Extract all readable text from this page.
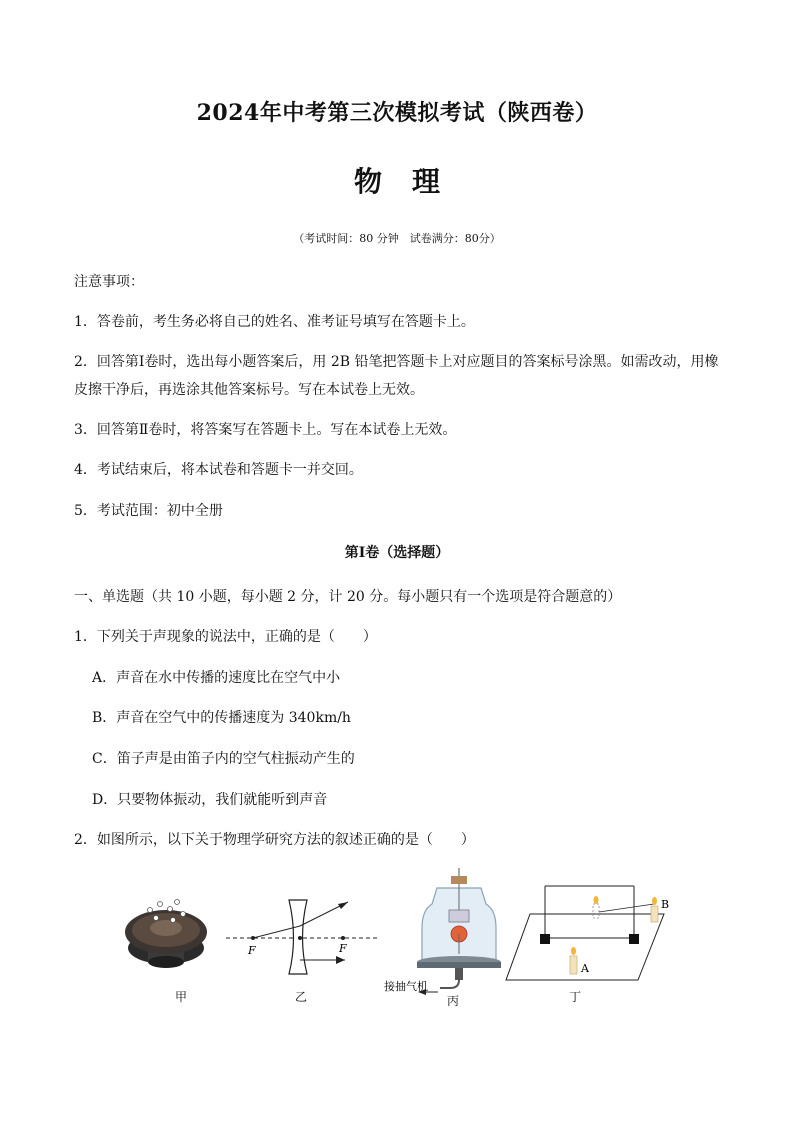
2024年中考第三次模拟考试（陕西卷）
物理
（考试时间：80 分钟　试卷满分：80分）
注意事项：
1．答卷前，考生务必将自己的姓名、准考证号填写在答题卡上。
2．回答第Ⅰ卷时，选出每小题答案后，用 2B 铅笔把答题卡上对应题目的答案标号涂黑。如需改动，用橡
皮擦干净后，再选涂其他答案标号。写在本试卷上无效。
3．回答第Ⅱ卷时，将答案写在答题卡上。写在本试卷上无效。
4．考试结束后，将本试卷和答题卡一并交回。
5．考试范围：初中全册
第Ⅰ卷（选择题）
一、单选题（共 10 小题，每小题 2 分，计 20 分。每小题只有一个选项是符合题意的）
1．下列关于声现象的说法中，正确的是（　　）
A．声音在水中传播的速度比在空气中小
B．声音在空气中的传播速度为 340km/h
C．笛子声是由笛子内的空气柱振动产生的
D．只要物体振动，我们就能听到声音
2．如图所示，以下关于物理学研究方法的叙述正确的是（　　）
F	F
接抽气机
A
B
甲	乙	丙	丁
